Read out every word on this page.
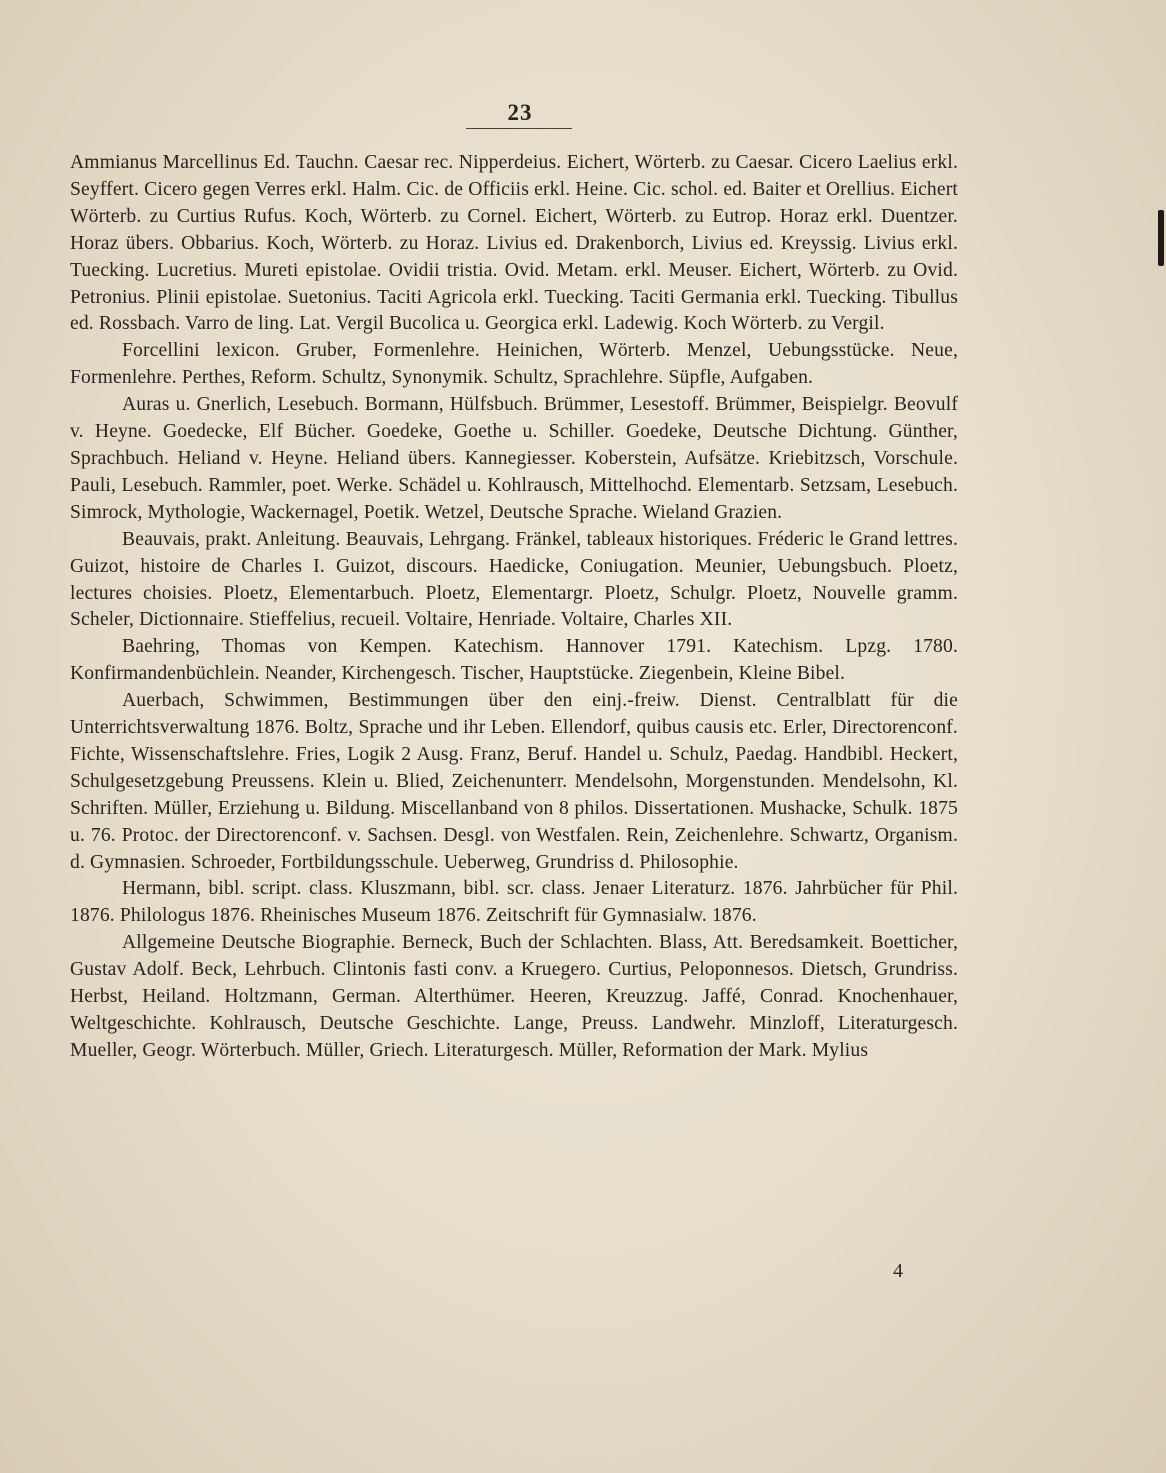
23

Ammianus Marcellinus Ed. Tauchn. Caesar rec. Nipperdeius. Eichert, Wörterb. zu Caesar. Cicero Laelius erkl. Seyffert. Cicero gegen Verres erkl. Halm. Cic. de Officiis erkl. Heine. Cic. schol. ed. Baiter et Orellius. Eichert Wörterb. zu Curtius Rufus. Koch, Wörterb. zu Cornel. Eichert, Wörterb. zu Eutrop. Horaz erkl. Duentzer. Horaz übers. Obbarius. Koch, Wörterb. zu Horaz. Livius ed. Drakenborch, Livius ed. Kreyssig. Livius erkl. Tuecking. Lucretius. Mureti epistolae. Ovidii tristia. Ovid. Metam. erkl. Meuser. Eichert, Wörterb. zu Ovid. Petronius. Plinii epistolae. Suetonius. Taciti Agricola erkl. Tuecking. Taciti Germania erkl. Tuecking. Tibullus ed. Rossbach. Varro de ling. Lat. Vergil Bucolica u. Georgica erkl. Ladewig. Koch Wörterb. zu Vergil.

Forcellini lexicon. Gruber, Formenlehre. Heinichen, Wörterb. Menzel, Uebungsstücke. Neue, Formenlehre. Perthes, Reform. Schultz, Synonymik. Schultz, Sprachlehre. Süpfle, Aufgaben.

Auras u. Gnerlich, Lesebuch. Bormann, Hülfsbuch. Brümmer, Lesestoff. Brümmer, Beispielgr. Beovulf v. Heyne. Goedecke, Elf Bücher. Goedeke, Goethe u. Schiller. Goedeke, Deutsche Dichtung. Günther, Sprachbuch. Heliand v. Heyne. Heliand übers. Kannegiesser. Koberstein, Aufsätze. Kriebitzsch, Vorschule. Pauli, Lesebuch. Rammler, poet. Werke. Schädel u. Kohlrausch, Mittelhochd. Elementarb. Setzsam, Lesebuch. Simrock, Mythologie, Wackernagel, Poetik. Wetzel, Deutsche Sprache. Wieland Grazien.

Beauvais, prakt. Anleitung. Beauvais, Lehrgang. Fränkel, tableaux historiques. Fréderic le Grand lettres. Guizot, histoire de Charles I. Guizot, discours. Haedicke, Coniugation. Meunier, Uebungsbuch. Ploetz, lectures choisies. Ploetz, Elementarbuch. Ploetz, Elementargr. Ploetz, Schulgr. Ploetz, Nouvelle gramm. Scheler, Dictionnaire. Stieffelius, recueil. Voltaire, Henriade. Voltaire, Charles XII.

Baehring, Thomas von Kempen. Katechism. Hannover 1791. Katechism. Lpzg. 1780. Konfirmandenbüchlein. Neander, Kirchengesch. Tischer, Hauptstücke. Ziegenbein, Kleine Bibel.

Auerbach, Schwimmen, Bestimmungen über den einj.-freiw. Dienst. Centralblatt für die Unterrichtsverwaltung 1876. Boltz, Sprache und ihr Leben. Ellendorf, quibus causis etc. Erler, Directorenconf. Fichte, Wissenschaftslehre. Fries, Logik 2 Ausg. Franz, Beruf. Handel u. Schulz, Paedag. Handbibl. Heckert, Schulgesetzgebung Preussens. Klein u. Blied, Zeichenunterr. Mendelsohn, Morgenstunden. Mendelsohn, Kl. Schriften. Müller, Erziehung u. Bildung. Miscellanband von 8 philos. Dissertationen. Mushacke, Schulk. 1875 u. 76. Protoc. der Directorenconf. v. Sachsen. Desgl. von Westfalen. Rein, Zeichenlehre. Schwartz, Organism. d. Gymnasien. Schroeder, Fortbildungsschule. Ueberweg, Grundriss d. Philosophie.

Hermann, bibl. script. class. Kluszmann, bibl. scr. class. Jenaer Literaturz. 1876. Jahrbücher für Phil. 1876. Philologus 1876. Rheinisches Museum 1876. Zeitschrift für Gymnasialw. 1876.

Allgemeine Deutsche Biographie. Berneck, Buch der Schlachten. Blass, Att. Beredsamkeit. Boetticher, Gustav Adolf. Beck, Lehrbuch. Clintonis fasti conv. a Kruegero. Curtius, Peloponnesos. Dietsch, Grundriss. Herbst, Heiland. Holtzmann, German. Alterthümer. Heeren, Kreuzzug. Jaffé, Conrad. Knochenhauer, Weltgeschichte. Kohlrausch, Deutsche Geschichte. Lange, Preuss. Landwehr. Minzloff, Literaturgesch. Mueller, Geogr. Wörterbuch. Müller, Griech. Literaturgesch. Müller, Reformation der Mark. Mylius

4
